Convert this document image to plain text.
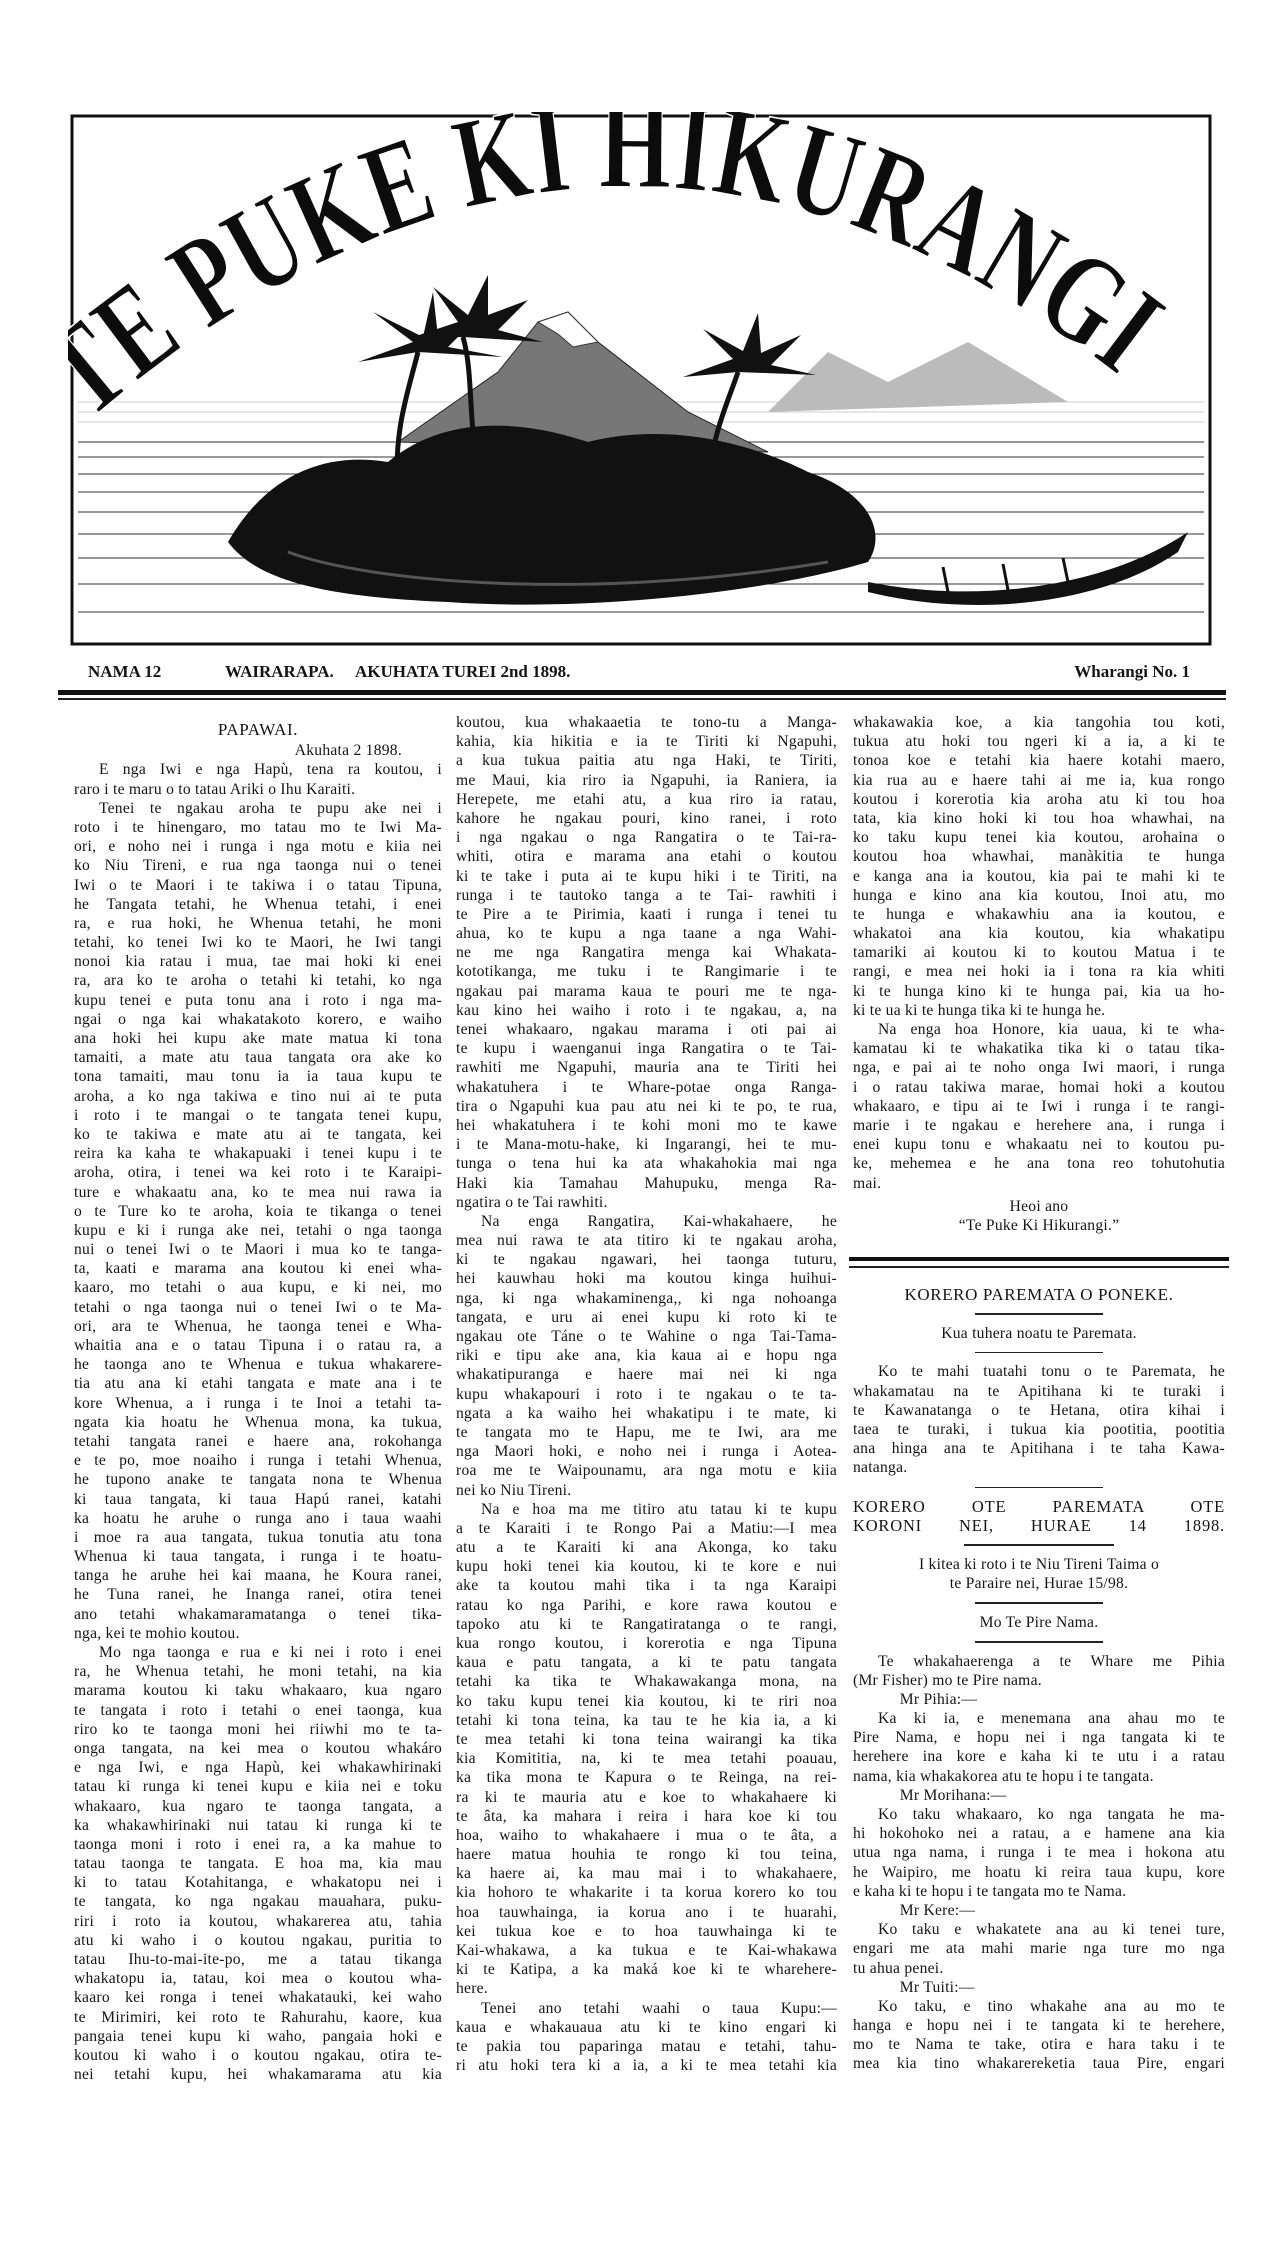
E PUKE KI HIKURANGI
NAMA 12	WAIRARAPA. AKUHATA TUREI 2nd 1898.	Wharangi No. 1
PAPAWAI.
Akuhata 2 1898.
E nga Iwi e nga Hapù, tena ra koutou, i
raro i te maru o to tatau Ariki o Ihu Karaiti.
Tenei te ngakau aroha te pupu ake nei i
roto i te hinengaro, mo tatau mo te Iwi Ma-
ori, e noho nei i runga i nga motu e kiia nei
ko Niu Tireni, e rua nga taonga nui o tenei
Iwi o te Maori i te takiwa i o tatau Tipuna,
he Tangata tetahi, he Whenua tetahi, i enei
ra, e rua hoki, he Whenua tetahi, he moni
tetahi, ko tenei Iwi ko te Maori, he Iwi tangi
nonoi kia ratau i mua, tae mai hoki ki enei
ra, ara ko te aroha o tetahi ki tetahi, ko nga
kupu tenei e puta tonu ana i roto i nga ma-
ngai o nga kai whakatakoto korero, e waiho
ana hoki hei kupu ake mate matua ki tona
tamaiti, a mate atu taua tangata ora ake ko
tona tamaiti, mau tonu ia ia taua kupu te
aroha, a ko nga takiwa e tino nui ai te puta
i roto i te mangai o te tangata tenei kupu,
ko te takiwa e mate atu ai te tangata, kei
reira ka kaha te whakapuaki i tenei kupu i te
aroha, otira, i tenei wa kei roto i te Karaipi-
ture e whakaatu ana, ko te mea nui rawa ia
o te Ture ko te aroha, koia te tikanga o tenei
kupu e ki i runga ake nei, tetahi o nga taonga
nui o tenei Iwi o te Maori i mua ko te tanga-
ta, kaati e marama ana koutou ki enei wha-
kaaro, mo tetahi o aua kupu, e ki nei, mo
tetahi o nga taonga nui o tenei Iwi o te Ma-
ori, ara te Whenua, he taonga tenei e Wha-
whaitia ana e o tatau Tipuna i o ratau ra, a
he taonga ano te Whenua e tukua whakarere-
tia atu ana ki etahi tangata e mate ana i te
kore Whenua, a i runga i te Inoi a tetahi ta-
ngata kia hoatu he Whenua mona, ka tukua,
tetahi tangata ranei e haere ana, rokohanga
e te po, moe noaiho i runga i tetahi Whenua,
he tupono anake te tangata nona te Whenua
ki taua tangata, ki taua Hapú ranei, katahi
ka hoatu he aruhe o runga ano i taua waahi
i moe ra aua tangata, tukua tonutia atu tona
Whenua ki taua tangata, i runga i te hoatu-
tanga he aruhe hei kai maana, he Koura ranei,
he Tuna ranei, he Inanga ranei, otira tenei
ano tetahi whakamaramatanga o tenei tika-
nga, kei te mohio koutou.
Mo nga taonga e rua e ki nei i roto i enei
ra, he Whenua tetahi, he moni tetahi, na kia
marama koutou ki taku whakaaro, kua ngaro
te tangata i roto i tetahi o enei taonga, kua
riro ko te taonga moni hei riiwhi mo te ta-
onga tangata, na kei mea o koutou whakáro
e nga Iwi, e nga Hapù, kei whakawhirinaki
tatau ki runga ki tenei kupu e kiia nei e toku
whakaaro, kua ngaro te taonga tangata, a
ka whakawhirinaki nui tatau ki runga ki te
taonga moni i roto i enei ra, a ka mahue to
tatau taonga te tangata. E hoa ma, kia mau
ki to tatau Kotahitanga, e whakatopu nei i
te tangata, ko nga ngakau mauahara, puku-
riri i roto ia koutou, whakarerea atu, tahia
atu ki waho i o koutou ngakau, puritia to
tatau Ihu-to-mai-ite-po, me a tatau tikanga
whakatopu ia, tatau, koi mea o koutou wha-
kaaro kei ronga i tenei whakatauki, kei waho
te Mirimiri, kei roto te Rahurahu, kaore, kua
pangaia tenei kupu ki waho, pangaia hoki e
koutou ki waho i o koutou ngakau, otira te-
nei tetahi kupu, hei whakamarama atu kia
koutou, kua whakaaetia te tono-tu a Manga-
kahia, kia hikitia e ia te Tiriti ki Ngapuhi,
a kua tukua paitia atu nga Haki, te Tiriti,
me Maui, kia riro ia Ngapuhi, ia Raniera, ia
Herepete, me etahi atu, a kua riro ia ratau,
kahore he ngakau pouri, kino ranei, i roto
i nga ngakau o nga Rangatira o te Tai-ra-
whiti, otira e marama ana etahi o koutou
ki te take i puta ai te kupu hiki i te Tiriti, na
runga i te tautoko tanga a te Tai- rawhiti i
te Pire a te Pirimia, kaati i runga i tenei tu
ahua, ko te kupu a nga taane a nga Wahi-
ne me nga Rangatira menga kai Whakata-
kototikanga, me tuku i te Rangimarie i te
ngakau pai marama kaua te pouri me te nga-
kau kino hei waiho i roto i te ngakau, a, na
tenei whakaaro, ngakau marama i oti pai ai
te kupu i waenganui inga Rangatira o te Tai-
rawhiti me Ngapuhi, mauria ana te Tiriti hei
whakatuhera i te Whare-potae onga Ranga-
tira o Ngapuhi kua pau atu nei ki te po, te rua,
hei whakatuhera i te kohi moni mo te kawe
i te Mana-motu-hake, ki Ingarangi, hei te mu-
tunga o tena hui ka ata whakahokia mai nga
Haki kia Tamahau Mahupuku, menga Ra-
ngatira o te Tai rawhiti.
Na enga Rangatira, Kai-whakahaere, he
mea nui rawa te ata titiro ki te ngakau aroha,
ki te ngakau ngawari, hei taonga tuturu,
hei kauwhau hoki ma koutou kinga huihui-
nga, ki nga whakaminenga,, ki nga nohoanga
tangata, e uru ai enei kupu ki roto ki te
ngakau ote Táne o te Wahine o nga Tai-Tama-
riki e tipu ake ana, kia kaua ai e hopu nga
whakatipuranga e haere mai nei ki nga
kupu whakapouri i roto i te ngakau o te ta-
ngata a ka waiho hei whakatipu i te mate, ki
te tangata mo te Hapu, me te Iwi, ara me
nga Maori hoki, e noho nei i runga i Aotea-
roa me te Waipounamu, ara nga motu e kiia
nei ko Niu Tireni.
Na e hoa ma me titiro atu tatau ki te kupu
a te Karaiti i te Rongo Pai a Matiu:—I mea
atu a te Karaiti ki ana Akonga, ko taku
kupu hoki tenei kia koutou, ki te kore e nui
ake ta koutou mahi tika i ta nga Karaipi
ratau ko nga Parihi, e kore rawa koutou e
tapoko atu ki te Rangatiratanga o te rangi,
kua rongo koutou, i korerotia e nga Tipuna
kaua e patu tangata, a ki te patu tangata
tetahi ka tika te Whakawakanga mona, na
ko taku kupu tenei kia koutou, ki te riri noa
tetahi ki tona teina, ka tau te he kia ia, a ki
te mea tetahi ki tona teina wairangi ka tika
kia Komititia, na, ki te mea tetahi poauau,
ka tika mona te Kapura o te Reinga, na rei-
ra ki te mauria atu e koe to whakahaere ki
te âta, ka mahara i reira i hara koe ki tou
hoa, waiho to whakahaere i mua o te âta, a
haere matua houhia te rongo ki tou teina,
ka haere ai, ka mau mai i to whakahaere,
kia hohoro te whakarite i ta korua korero ko tou
hoa tauwhainga, ia korua ano i te huarahi,
kei tukua koe e to hoa tauwhainga ki te
Kai-whakawa, a ka tukua e te Kai-whakawa
ki te Katipa, a ka maká koe ki te wharehere-
here.
Tenei ano tetahi waahi o taua Kupu:—
kaua e whakauaua atu ki te kino engari ki
te pakia tou paparinga matau e tetahi, tahu-
ri atu hoki tera ki a ia, a ki te mea tetahi kia
whakawakia koe, a kia tangohia tou koti,
tukua atu hoki tou ngeri ki a ia, a ki te
tonoa koe e tetahi kia haere kotahi maero,
kia rua au e haere tahi ai me ia, kua rongo
koutou i korerotia kia aroha atu ki tou hoa
tata, kia kino hoki ki tou hoa whawhai, na
ko taku kupu tenei kia koutou, arohaina o
koutou hoa whawhai, manàkitia te hunga
e kanga ana ia koutou, kia pai te mahi ki te
hunga e kino ana kia koutou, Inoi atu, mo
te hunga e whakawhiu ana ia koutou, e
whakatoi ana kia koutou, kia whakatipu
tamariki ai koutou ki to koutou Matua i te
rangi, e mea nei hoki ia i tona ra kia whiti
ki te hunga kino ki te hunga pai, kia ua ho-
ki te ua ki te hunga tika ki te hunga he.
Na enga hoa Honore, kia uaua, ki te wha-
kamatau ki te whakatika tika ki o tatau tika-
nga, e pai ai te noho onga Iwi maori, i runga
i o ratau takiwa marae, homai hoki a koutou
whakaaro, e tipu ai te Iwi i runga i te rangi-
marie i te ngakau e herehere ana, i runga i
enei kupu tonu e whakaatu nei to koutou pu-
ke, mehemea e he ana tona reo tohutohutia
mai.
Heoi ano
“Te Puke Ki Hikurangi.”
KORERO PAREMATA O PONEKE.
Kua tuhera noatu te Paremata.
Ko te mahi tuatahi tonu o te Paremata, he
whakamatau na te Apitihana ki te turaki i
te Kawanatanga o te Hetana, otira kihai i
taea te turaki, i tukua kia pootitia, pootitia
ana hinga ana te Apitihana i te taha Kawa-
natanga.
KORERO OTE PAREMATA OTE
KORONI NEI, HURAE 14 1898.
I kitea ki roto i te Niu Tireni Taima o
te Paraire nei, Hurae 15/98.
Mo Te Pire Nama.
Te whakahaerenga a te Whare me Pihia
(Mr Fisher) mo te Pire nama.
Mr Pihia:—
Ka ki ia, e menemana ana ahau mo te
Pire Nama, e hopu nei i nga tangata ki te
herehere ina kore e kaha ki te utu i a ratau
nama, kia whakakorea atu te hopu i te tangata.
Mr Morihana:—
Ko taku whakaaro, ko nga tangata he ma-
hi hokohoko nei a ratau, a e hamene ana kia
utua nga nama, i runga i te mea i hokona atu
he Waipiro, me hoatu ki reira taua kupu, kore
e kaha ki te hopu i te tangata mo te Nama.
Mr Kere:—
Ko taku e whakatete ana au ki tenei ture,
engari me ata mahi marie nga ture mo nga
tu ahua penei.
Mr Tuiti:—
Ko taku, e tino whakahe ana au mo te
hanga e hopu nei i te tangata ki te herehere,
mo te Nama te take, otira e hara taku i te
mea kia tino whakarereketia taua Pire, engari
